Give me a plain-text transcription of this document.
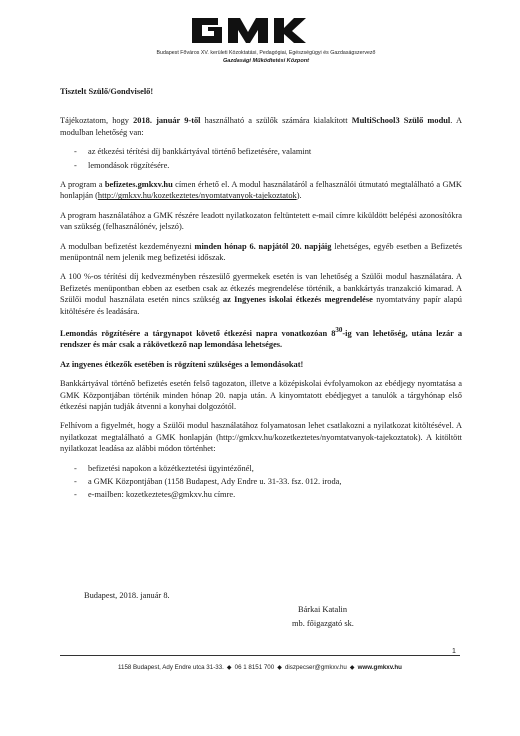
Budapest Főváros XV. kerületi Közoktatási, Pedagógiai, Egészségügyi és Gazdaságszervező
Gazdasági Működtetési Központ

Tisztelt Szülő/Gondviselő!

Tájékoztatom, hogy 2018. január 9-től használható a szülők számára kialakított MultiSchool3 Szülő modul. A modulban lehetőség van:

- az étkezési térítési díj bankkártyával történő befizetésére, valamint
- lemondások rögzítésére.

A program a befizetes.gmkxv.hu címen érhető el. A modul használatáról a felhasználói útmutató megtalálható a GMK honlapján (http://gmkxv.hu/kozetkeztetes/nyomtatvanyok-tajekoztatok).

A program használatához a GMK részére leadott nyilatkozaton feltüntetett e-mail címre kiküldött belépési azonosítókra van szükség (felhasználónév, jelszó).

A modulban befizetést kezdeményezni minden hónap 6. napjától 20. napjáig lehetséges, egyéb esetben a Befizetés menüpontnál nem jelenik meg befizetési időszak.

A 100 %-os térítési díj kedvezményben részesülő gyermekek esetén is van lehetőség a Szülői modul használatára. A Befizetés menüpontban ebben az esetben csak az étkezés megrendelése történik, a bankkártyás tranzakció kimarad. A Szülői modul használata esetén nincs szükség az Ingyenes iskolai étkezés megrendelése nyomtatvány papír alapú kitöltésére és leadására.

Lemondás rögzítésére a tárgynapot követő étkezési napra vonatkozóan $8^{30}-ig$ van lehetőség, utána lezár a rendszer és már csak a rákövetkező nap lemondása lehetséges.

Az ingyenes étkezők esetében is rögzíteni szükséges a lemondásokat!

Bankkártyával történő befizetés esetén felső tagozaton, illetve a középiskolai évfolyamokon az ebédjegy nyomtatása a GMK Központjában történik minden hónap 20. napja után. A kinyomtatott ebédjegyet a tanulók a tárgyhónap első étkezési napján tudják átvenni a konyhai dolgozótól.

Felhívom a figyelmét, hogy a Szülői modul használatához folyamatosan lehet csatlakozni a nyilatkozat kitöltésével. A nyilatkozat megtalálható a GMK honlapján (http://gmkxv.hu/kozetkeztetes/nyomtatvanyok-tajekoztatok). A kitöltött nyilatkozat leadása az alábbi módon történhet:

- befizetési napokon a közétkeztetési ügyintézőnél,
- a GMK Központjában (1158 Budapest, Ady Endre u. 31-33. fsz. 012. iroda,
- e-mailben: kozetkeztetes@gmkxv.hu címre.
Budapest, 2018. január 8.
Bárkai Katalin
mb. főigazgató sk.
1
1158 Budapest, Ady Endre utca 31-33. ◆ 06 1 8151 700 ◆ diszpecser@gmkxv.hu ◆ www.gmkxv.hu
